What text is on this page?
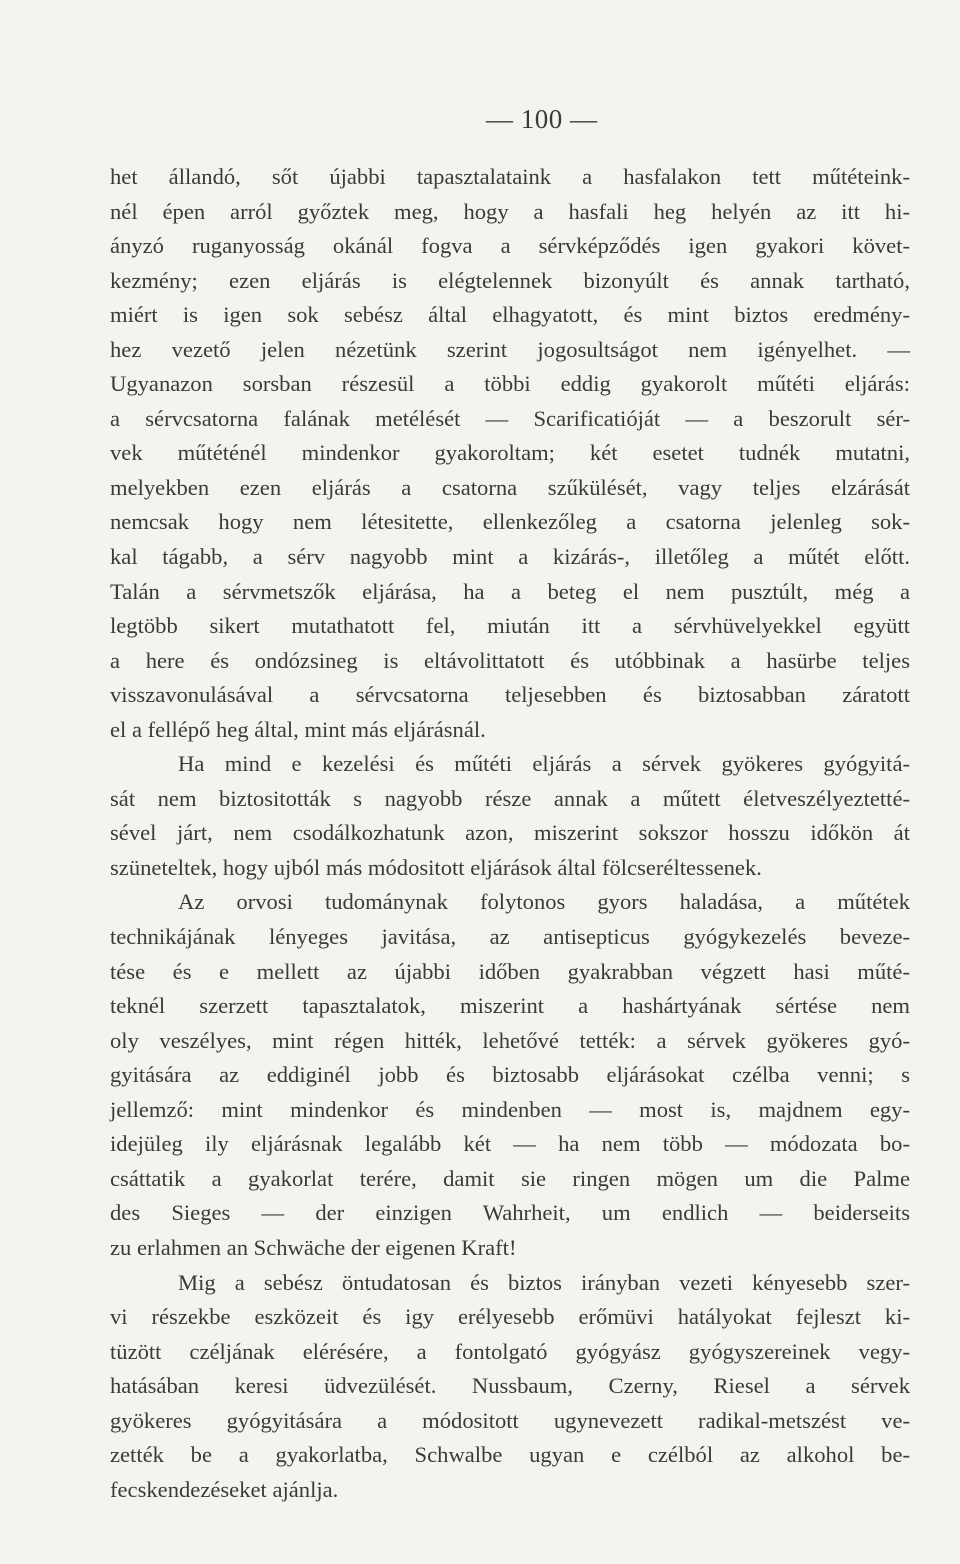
— 100 —
het állandó, sőt újabbi tapasztalataink a hasfalakon tett műtéteink-
nél épen arról győztek meg, hogy a hasfali heg helyén az itt hi-
ányzó ruganyosság okánál fogva a sérvképződés igen gyakori követ-
kezmény; ezen eljárás is elégtelennek bizonyúlt és annak tartható,
miért is igen sok sebész által elhagyatott, és mint biztos eredmény-
hez vezető jelen nézetünk szerint jogosultságot nem igényelhet. —
Ugyanazon sorsban részesül a többi eddig gyakorolt műtéti eljárás:
a sérvcsatorna falának metélését — Scarificatióját — a beszorult sér-
vek műtéténél mindenkor gyakoroltam; két esetet tudnék mutatni,
melyekben ezen eljárás a csatorna szűkülését, vagy teljes elzárását
nemcsak hogy nem létesitette, ellenkezőleg a csatorna jelenleg sok-
kal tágabb, a sérv nagyobb mint a kizárás-, illetőleg a műtét előtt.
Talán a sérvmetszők eljárása, ha a beteg el nem pusztúlt, még a
legtöbb sikert mutathatott fel, miután itt a sérvhüvelyekkel együtt
a here és ondózsineg is eltávolittatott és utóbbinak a hasürbe teljes
visszavonulásával a sérvcsatorna teljesebben és biztosabban záratott
el a fellépő heg által, mint más eljárásnál.
Ha mind e kezelési és műtéti eljárás a sérvek gyökeres gyógyitá-
sát nem biztositották s nagyobb része annak a műtett életveszélyeztetté-
sével járt, nem csodálkozhatunk azon, miszerint sokszor hosszu időkön át
szüneteltek, hogy ujból más módositott eljárások által fölcseréltessenek.
Az orvosi tudománynak folytonos gyors haladása, a műtétek
technikájának lényeges javitása, az antisepticus gyógykezelés beveze-
tése és e mellett az újabbi időben gyakrabban végzett hasi műté-
teknél szerzett tapasztalatok, miszerint a hashártyának sértése nem
oly veszélyes, mint régen hitték, lehetővé tették: a sérvek gyökeres gyó-
gyitására az eddiginél jobb és biztosabb eljárásokat czélba venni; s
jellemző: mint mindenkor és mindenben — most is, majdnem egy-
idejüleg ily eljárásnak legalább két — ha nem több — módozata bo-
csáttatik a gyakorlat terére, damit sie ringen mögen um die Palme
des Sieges — der einzigen Wahrheit, um endlich — beiderseits
zu erlahmen an Schwäche der eigenen Kraft!
Mig a sebész öntudatosan és biztos irányban vezeti kényesebb szer-
vi részekbe eszközeit és igy erélyesebb erőmüvi hatályokat fejleszt ki-
tüzött czéljának elérésére, a fontolgató gyógyász gyógyszereinek vegy-
hatásában keresi üdvezülését. Nussbaum, Czerny, Riesel a sérvek
gyökeres gyógyitására a módositott ugynevezett radikal-metszést ve-
zették be a gyakorlatba, Schwalbe ugyan e czélból az alkohol be-
fecskendezéseket ajánlja.
